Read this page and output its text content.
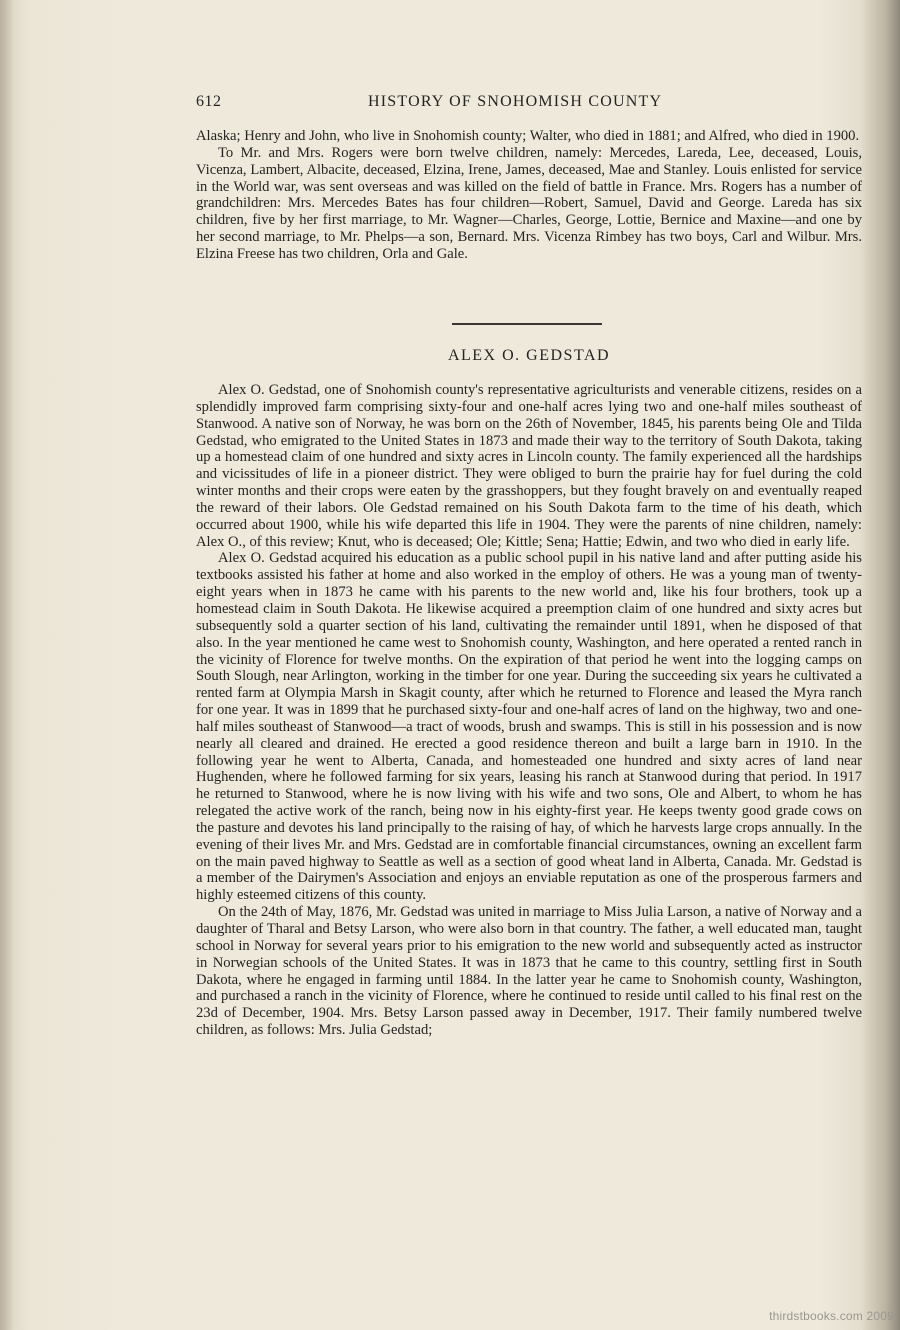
612	HISTORY OF SNOHOMISH COUNTY

Alaska; Henry and John, who live in Snohomish county; Walter, who died in 1881; and Alfred, who died in 1900.

To Mr. and Mrs. Rogers were born twelve children, namely: Mercedes, Lareda, Lee, deceased, Louis, Vicenza, Lambert, Albacite, deceased, Elzina, Irene, James, deceased, Mae and Stanley. Louis enlisted for service in the World war, was sent overseas and was killed on the field of battle in France. Mrs. Rogers has a number of grandchildren: Mrs. Mercedes Bates has four children—Robert, Samuel, David and George. Lareda has six children, five by her first marriage, to Mr. Wagner—Charles, George, Lottie, Bernice and Maxine—and one by her second marriage, to Mr. Phelps—a son, Bernard. Mrs. Vicenza Rimbey has two boys, Carl and Wilbur. Mrs. Elzina Freese has two children, Orla and Gale.

ALEX O. GEDSTAD

Alex O. Gedstad, one of Snohomish county's representative agriculturists and venerable citizens, resides on a splendidly improved farm comprising sixty-four and one-half acres lying two and one-half miles southeast of Stanwood. A native son of Norway, he was born on the 26th of November, 1845, his parents being Ole and Tilda Gedstad, who emigrated to the United States in 1873 and made their way to the territory of South Dakota, taking up a homestead claim of one hundred and sixty acres in Lincoln county. The family experienced all the hardships and vicissitudes of life in a pioneer district. They were obliged to burn the prairie hay for fuel during the cold winter months and their crops were eaten by the grasshoppers, but they fought bravely on and eventually reaped the reward of their labors. Ole Gedstad remained on his South Dakota farm to the time of his death, which occurred about 1900, while his wife departed this life in 1904. They were the parents of nine children, namely: Alex O., of this review; Knut, who is deceased; Ole; Kittle; Sena; Hattie; Edwin, and two who died in early life.

Alex O. Gedstad acquired his education as a public school pupil in his native land and after putting aside his textbooks assisted his father at home and also worked in the employ of others. He was a young man of twenty-eight years when in 1873 he came with his parents to the new world and, like his four brothers, took up a homestead claim in South Dakota. He likewise acquired a preemption claim of one hundred and sixty acres but subsequently sold a quarter section of his land, cultivating the remainder until 1891, when he disposed of that also. In the year mentioned he came west to Snohomish county, Washington, and here operated a rented ranch in the vicinity of Florence for twelve months. On the expiration of that period he went into the logging camps on South Slough, near Arlington, working in the timber for one year. During the succeeding six years he cultivated a rented farm at Olympia Marsh in Skagit county, after which he returned to Florence and leased the Myra ranch for one year. It was in 1899 that he purchased sixty-four and one-half acres of land on the highway, two and one-half miles southeast of Stanwood—a tract of woods, brush and swamps. This is still in his possession and is now nearly all cleared and drained. He erected a good residence thereon and built a large barn in 1910. In the following year he went to Alberta, Canada, and homesteaded one hundred and sixty acres of land near Hughenden, where he followed farming for six years, leasing his ranch at Stanwood during that period. In 1917 he returned to Stanwood, where he is now living with his wife and two sons, Ole and Albert, to whom he has relegated the active work of the ranch, being now in his eighty-first year. He keeps twenty good grade cows on the pasture and devotes his land principally to the raising of hay, of which he harvests large crops annually. In the evening of their lives Mr. and Mrs. Gedstad are in comfortable financial circumstances, owning an excellent farm on the main paved highway to Seattle as well as a section of good wheat land in Alberta, Canada. Mr. Gedstad is a member of the Dairymen's Association and enjoys an enviable reputation as one of the prosperous farmers and highly esteemed citizens of this county.

On the 24th of May, 1876, Mr. Gedstad was united in marriage to Miss Julia Larson, a native of Norway and a daughter of Tharal and Betsy Larson, who were also born in that country. The father, a well educated man, taught school in Norway for several years prior to his emigration to the new world and subsequently acted as instructor in Norwegian schools of the United States. It was in 1873 that he came to this country, settling first in South Dakota, where he engaged in farming until 1884. In the latter year he came to Snohomish county, Washington, and purchased a ranch in the vicinity of Florence, where he continued to reside until called to his final rest on the 23d of December, 1904. Mrs. Betsy Larson passed away in December, 1917. Their family numbered twelve children, as follows: Mrs. Julia Gedstad;

thirdstbooks.com 2009
